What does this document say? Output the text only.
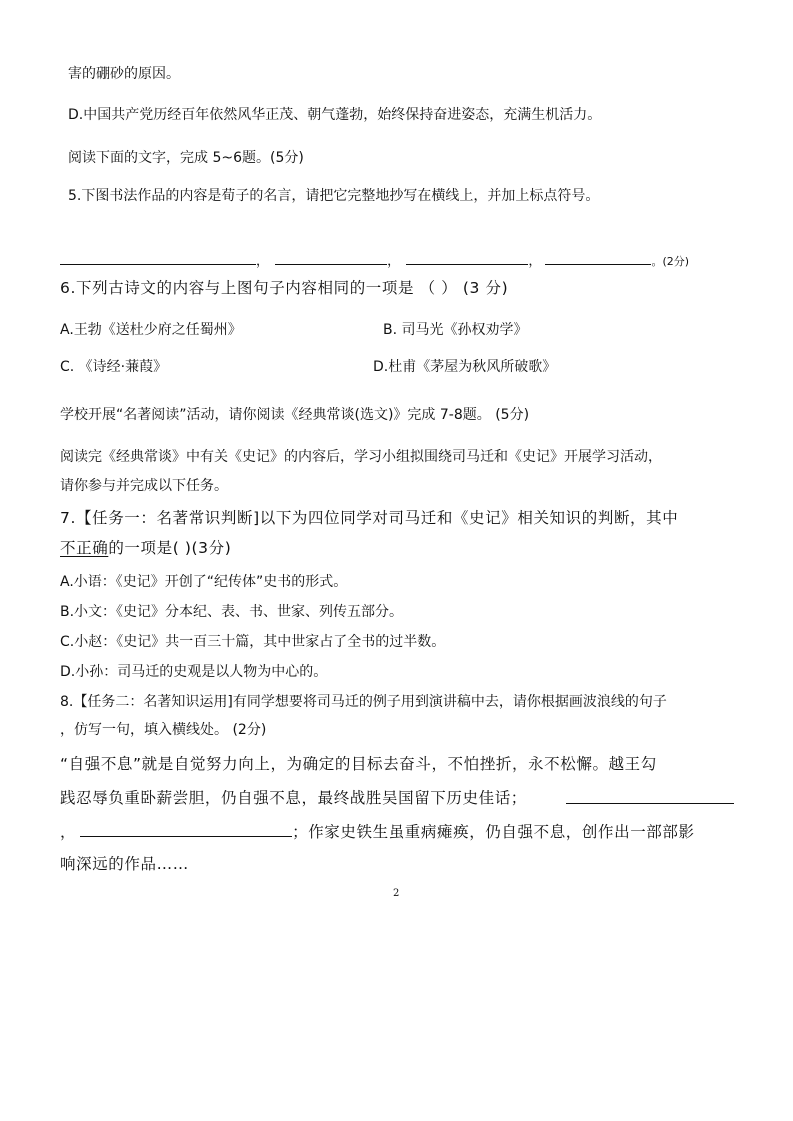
害的硼砂的原因。
D.中国共产党历经百年依然风华正茂、朝气蓬勃，始终保持奋进姿态，充满生机活力。
阅读下面的文字，完成 5~6题。(5分)
5.下图书法作品的内容是荀子的名言，请把它完整地抄写在横线上，并加上标点符号。
，	，	，	。(2分)
6.下列古诗文的内容与上图句子内容相同的一项是 （ ） (3 分)
A.王勃《送杜少府之任蜀州》	B. 司马光《孙权劝学》
C. 《诗经·蒹葭》	D.杜甫《茅屋为秋风所破歌》
学校开展“名著阅读”活动，请你阅读《经典常谈(选文)》完成 7-8题。 (5分)
阅读完《经典常谈》中有关《史记》的内容后，学习小组拟围绕司马迁和《史记》开展学习活动，
请你参与并完成以下任务。
7.【任务一：名著常识判断]以下为四位同学对司马迁和《史记》相关知识的判断，其中
不正确的一项是( )(3分)
A.小语：《史记》开创了“纪传体”史书的形式。
B.小文：《史记》分本纪、表、书、世家、列传五部分。
C.小赵：《史记》共一百三十篇，其中世家占了全书的过半数。
D.小孙：司马迁的史观是以人物为中心的。
8.【任务二：名著知识运用]有同学想要将司马迁的例子用到演讲稿中去，请你根据画波浪线的句子
，仿写一句，填入横线处。 (2分)
“自强不息”就是自觉努力向上，为确定的目标去奋斗，不怕挫折，永不松懈。越王勾
践忍辱负重卧薪尝胆，仍自强不息，最终战胜吴国留下历史佳话；
，	；作家史铁生虽重病瘫痪，仍自强不息，创作出一部部影
响深远的作品……
2
